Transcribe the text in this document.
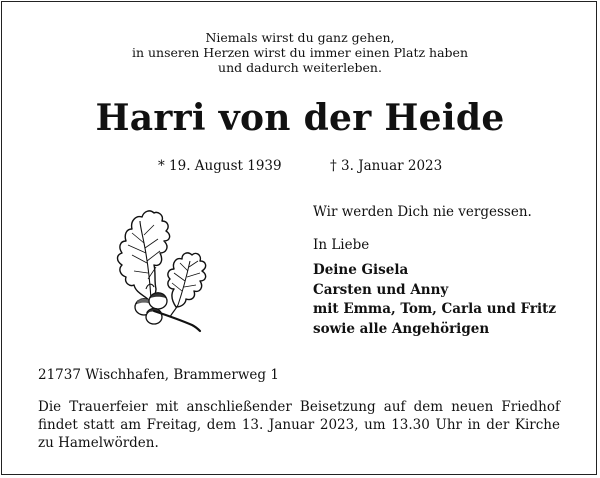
Niemals wirst du ganz gehen,
in unseren Herzen wirst du immer einen Platz haben
und dadurch weiterleben.
Harri von der Heide
* 19. August 1939	† 3. Januar 2023
Wir werden Dich nie vergessen.
In Liebe
Deine Gisela
Carsten und Anny
mit Emma, Tom, Carla und Fritz
sowie alle Angehörigen
21737 Wischhafen, Brammerweg 1
Die Trauerfeier mit anschließender Beisetzung auf dem neuen Friedhof findet statt am Freitag, dem 13. Januar 2023, um 13.30 Uhr in der Kirche zu Hamelwörden.
